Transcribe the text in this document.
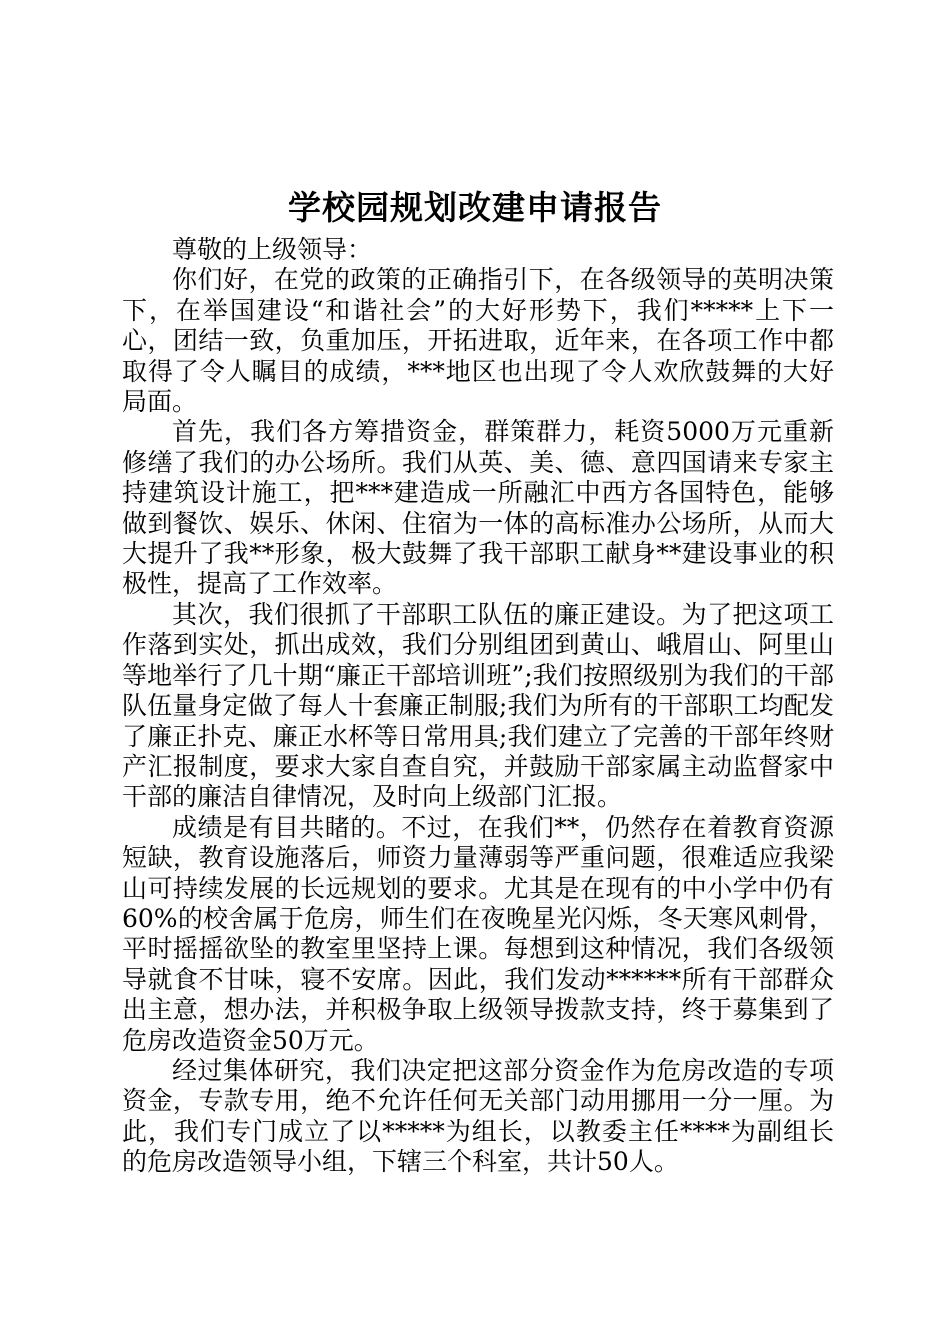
学校园规划改建申请报告

尊敬的上级领导：

你们好，在党的政策的正确指引下，在各级领导的英明决策下，在举国建设“和谐社会”的大好形势下，我们*****上下一心，团结一致，负重加压，开拓进取，近年来，在各项工作中都取得了令人瞩目的成绩，***地区也出现了令人欢欣鼓舞的大好局面。

首先，我们各方筹措资金，群策群力，耗资5000万元重新修缮了我们的办公场所。我们从英、美、德、意四国请来专家主持建筑设计施工，把***建造成一所融汇中西方各国特色，能够做到餐饮、娱乐、休闲、住宿为一体的高标准办公场所，从而大大提升了我**形象，极大鼓舞了我干部职工献身**建设事业的积极性，提高了工作效率。

其次，我们很抓了干部职工队伍的廉正建设。为了把这项工作落到实处，抓出成效，我们分别组团到黄山、峨眉山、阿里山等地举行了几十期“廉正干部培训班”;我们按照级别为我们的干部队伍量身定做了每人十套廉正制服;我们为所有的干部职工均配发了廉正扑克、廉正水杯等日常用具;我们建立了完善的干部年终财产汇报制度，要求大家自查自究，并鼓励干部家属主动监督家中干部的廉洁自律情况，及时向上级部门汇报。

成绩是有目共睹的。不过，在我们**，仍然存在着教育资源短缺，教育设施落后，师资力量薄弱等严重问题，很难适应我梁山可持续发展的长远规划的要求。尤其是在现有的中小学中仍有60%的校舍属于危房，师生们在夜晚星光闪烁，冬天寒风刺骨，平时摇摇欲坠的教室里坚持上课。每想到这种情况，我们各级领导就食不甘味，寝不安席。因此，我们发动******所有干部群众出主意，想办法，并积极争取上级领导拨款支持，终于募集到了危房改造资金50万元。

经过集体研究，我们决定把这部分资金作为危房改造的专项资金，专款专用，绝不允许任何无关部门动用挪用一分一厘。为此，我们专门成立了以*****为组长，以教委主任****为副组长的危房改造领导小组，下辖三个科室，共计50人。
